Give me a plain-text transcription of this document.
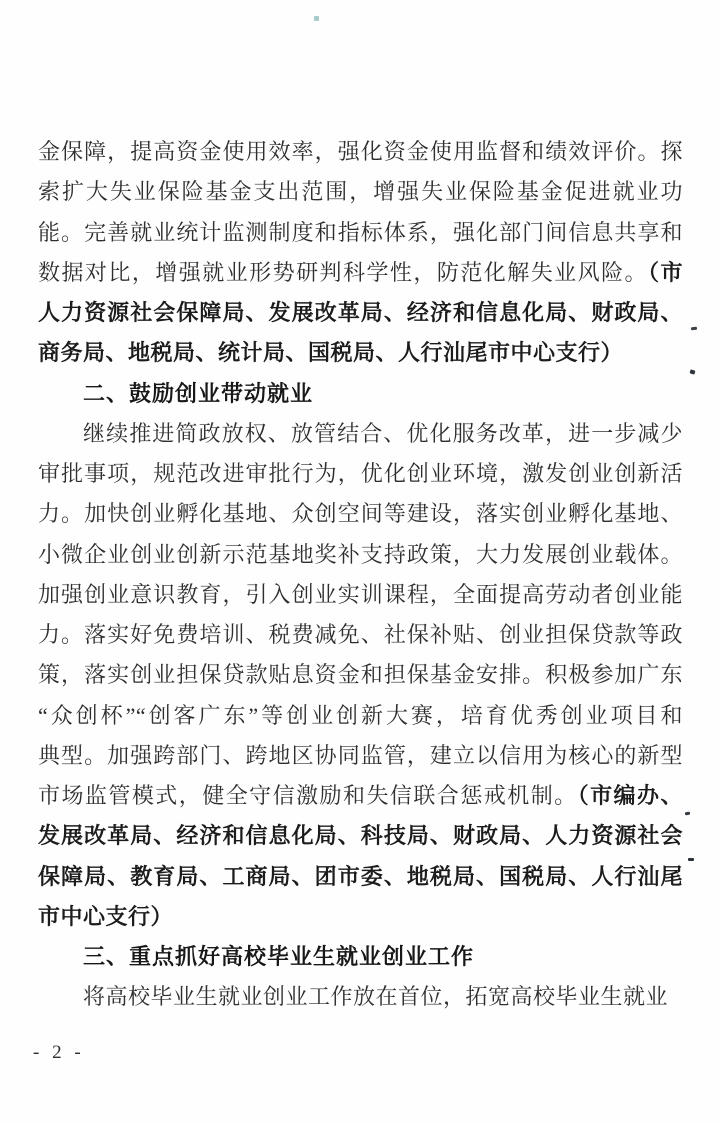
金保障，提高资金使用效率，强化资金使用监督和绩效评价。探
索扩大失业保险基金支出范围，增强失业保险基金促进就业功
能。完善就业统计监测制度和指标体系，强化部门间信息共享和
数据对比，增强就业形势研判科学性，防范化解失业风险。（市
人力资源社会保障局、发展改革局、经济和信息化局、财政局、
商务局、地税局、统计局、国税局、人行汕尾市中心支行）
二、鼓励创业带动就业
继续推进简政放权、放管结合、优化服务改革，进一步减少
审批事项，规范改进审批行为，优化创业环境，激发创业创新活
力。加快创业孵化基地、众创空间等建设，落实创业孵化基地、
小微企业创业创新示范基地奖补支持政策，大力发展创业载体。
加强创业意识教育，引入创业实训课程，全面提高劳动者创业能
力。落实好免费培训、税费减免、社保补贴、创业担保贷款等政
策，落实创业担保贷款贴息资金和担保基金安排。积极参加广东
“众创杯”“创客广东”等创业创新大赛，培育优秀创业项目和
典型。加强跨部门、跨地区协同监管，建立以信用为核心的新型
市场监管模式，健全守信激励和失信联合惩戒机制。（市编办、
发展改革局、经济和信息化局、科技局、财政局、人力资源社会
保障局、教育局、工商局、团市委、地税局、国税局、人行汕尾
市中心支行）
三、重点抓好高校毕业生就业创业工作
将高校毕业生就业创业工作放在首位，拓宽高校毕业生就业
- 2 -
